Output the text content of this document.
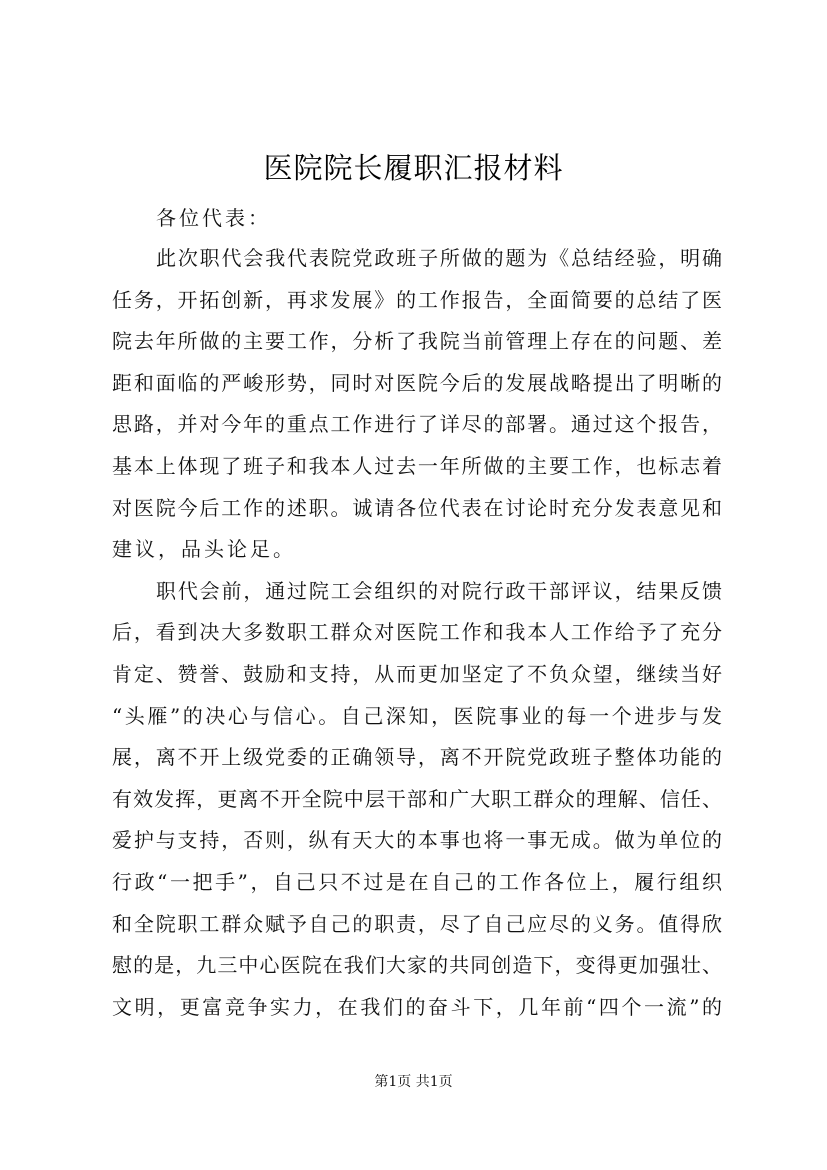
医院院长履职汇报材料

各位代表：

此次职代会我代表院党政班子所做的题为《总结经验，明确
任务，开拓创新，再求发展》的工作报告，全面简要的总结了医
院去年所做的主要工作，分析了我院当前管理上存在的问题、差
距和面临的严峻形势，同时对医院今后的发展战略提出了明晰的
思路，并对今年的重点工作进行了详尽的部署。通过这个报告，
基本上体现了班子和我本人过去一年所做的主要工作，也标志着
对医院今后工作的述职。诚请各位代表在讨论时充分发表意见和
建议，品头论足。
职代会前，通过院工会组织的对院行政干部评议，结果反馈
后，看到决大多数职工群众对医院工作和我本人工作给予了充分
肯定、赞誉、鼓励和支持，从而更加坚定了不负众望，继续当好
“头雁”的决心与信心。自己深知，医院事业的每一个进步与发
展，离不开上级党委的正确领导，离不开院党政班子整体功能的
有效发挥，更离不开全院中层干部和广大职工群众的理解、信任、
爱护与支持，否则，纵有天大的本事也将一事无成。做为单位的
行政“一把手”，自己只不过是在自己的工作各位上，履行组织
和全院职工群众赋予自己的职责，尽了自己应尽的义务。值得欣
慰的是，九三中心医院在我们大家的共同创造下，变得更加强壮、
文明，更富竞争实力，在我们的奋斗下，几年前“四个一流”的

第1页 共1页
